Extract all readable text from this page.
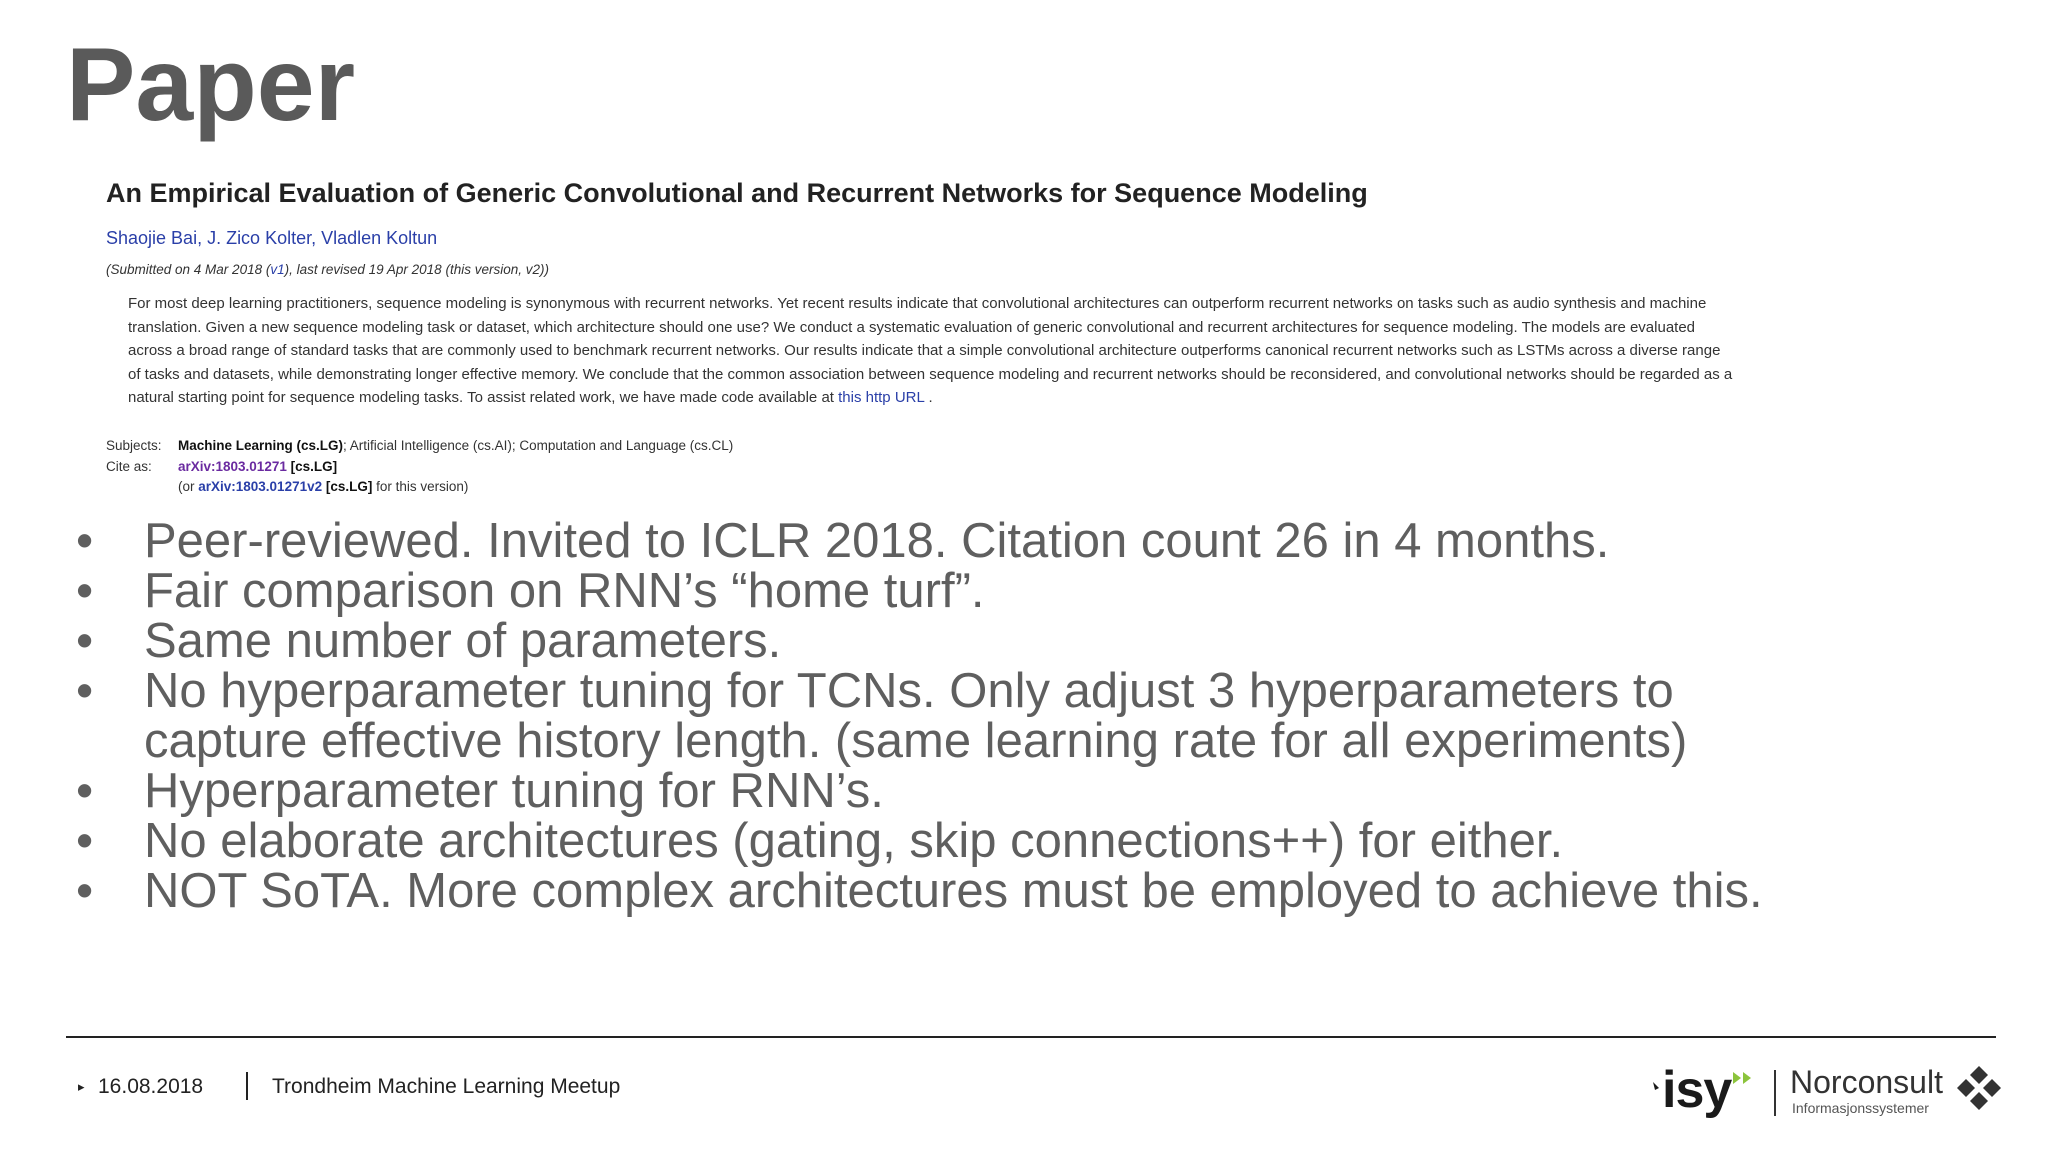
Paper
An Empirical Evaluation of Generic Convolutional and Recurrent Networks for Sequence Modeling
Shaojie Bai, J. Zico Kolter, Vladlen Koltun
(Submitted on 4 Mar 2018 (v1), last revised 19 Apr 2018 (this version, v2))
For most deep learning practitioners, sequence modeling is synonymous with recurrent networks. Yet recent results indicate that convolutional architectures can outperform recurrent networks on tasks such as audio synthesis and machine
translation. Given a new sequence modeling task or dataset, which architecture should one use? We conduct a systematic evaluation of generic convolutional and recurrent architectures for sequence modeling. The models are evaluated
across a broad range of standard tasks that are commonly used to benchmark recurrent networks. Our results indicate that a simple convolutional architecture outperforms canonical recurrent networks such as LSTMs across a diverse range
of tasks and datasets, while demonstrating longer effective memory. We conclude that the common association between sequence modeling and recurrent networks should be reconsidered, and convolutional networks should be regarded as a
natural starting point for sequence modeling tasks. To assist related work, we have made code available at this http URL .
Subjects: Machine Learning (cs.LG); Artificial Intelligence (cs.AI); Computation and Language (cs.CL)
Cite as: arXiv:1803.01271 [cs.LG]
(or arXiv:1803.01271v2 [cs.LG] for this version)
• Peer-reviewed. Invited to ICLR 2018. Citation count 26 in 4 months.
• Fair comparison on RNN’s “home turf”.
• Same number of parameters.
• No hyperparameter tuning for TCNs. Only adjust 3 hyperparameters to
capture effective history length. (same learning rate for all experiments)
• Hyperparameter tuning for RNN’s.
• No elaborate architectures (gating, skip connections++) for either.
• NOT SoTA. More complex architectures must be employed to achieve this.
▸ 16.08.2018	Trondheim Machine Learning Meetup	isy Norconsult
Informasjonssystemer
